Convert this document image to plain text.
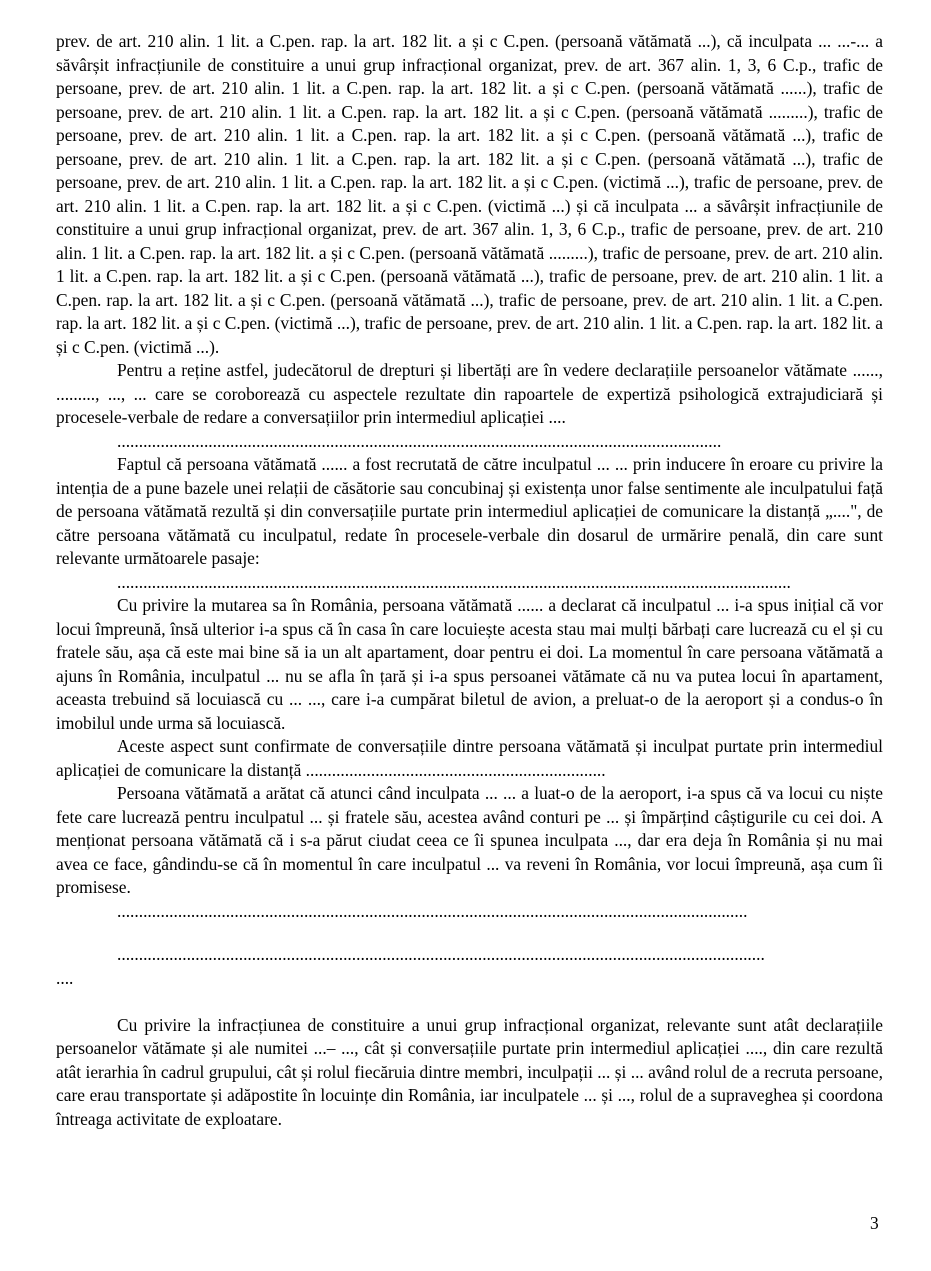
prev. de art. 210 alin. 1 lit. a C.pen. rap. la art. 182 lit. a și c C.pen. (persoană vătămată ...), că inculpata ... ...-... a săvârșit infracțiunile de constituire a unui grup infracțional organizat, prev. de art. 367 alin. 1, 3, 6 C.p., trafic de persoane, prev. de art. 210 alin. 1 lit. a C.pen. rap. la art. 182 lit. a și c C.pen. (persoană vătămată ......), trafic de persoane, prev. de art. 210 alin. 1 lit. a C.pen. rap. la art. 182 lit. a și c C.pen. (persoană vătămată .........), trafic de persoane, prev. de art. 210 alin. 1 lit. a C.pen. rap. la art. 182 lit. a și c C.pen. (persoană vătămată ...), trafic de persoane, prev. de art. 210 alin. 1 lit. a C.pen. rap. la art. 182 lit. a și c C.pen. (persoană vătămată ...), trafic de persoane, prev. de art. 210 alin. 1 lit. a C.pen. rap. la art. 182 lit. a și c C.pen. (victimă ...), trafic de persoane, prev. de art. 210 alin. 1 lit. a C.pen. rap. la art. 182 lit. a și c C.pen. (victimă ...) și că inculpata ... a săvârșit infracțiunile de constituire a unui grup infracțional organizat, prev. de art. 367 alin. 1, 3, 6 C.p., trafic de persoane, prev. de art. 210 alin. 1 lit. a C.pen. rap. la art. 182 lit. a și c C.pen. (persoană vătămată .........), trafic de persoane, prev. de art. 210 alin. 1 lit. a C.pen. rap. la art. 182 lit. a și c C.pen. (persoană vătămată ...), trafic de persoane, prev. de art. 210 alin. 1 lit. a C.pen. rap. la art. 182 lit. a și c C.pen. (persoană vătămată ...), trafic de persoane, prev. de art. 210 alin. 1 lit. a C.pen. rap. la art. 182 lit. a și c C.pen. (victimă ...), trafic de persoane, prev. de art. 210 alin. 1 lit. a C.pen. rap. la art. 182 lit. a și c C.pen. (victimă ...).

Pentru a reține astfel, judecătorul de drepturi și libertăți are în vedere declarațiile persoanelor vătămate ......, ........., ..., ... care se coroborează cu aspectele rezultate din rapoartele de expertiză psihologică extrajudiciară și procesele-verbale de redare a conversațiilor prin intermediul aplicației ....

...........................................................................................................................................

Faptul că persoana vătămată ...... a fost recrutată de către inculpatul ... ... prin inducere în eroare cu privire la intenția de a pune bazele unei relații de căsătorie sau concubinaj și existența unor false sentimente ale inculpatului față de persoana vătămată rezultă și din conversațiile purtate prin intermediul aplicației de comunicare la distanță „....", de către persoana vătămată cu inculpatul, redate în procesele-verbale din dosarul de urmărire penală, din care sunt relevante următoarele pasaje:

...........................................................................................................................................................

Cu privire la mutarea sa în România, persoana vătămată ...... a declarat că inculpatul ... i-a spus inițial că vor locui împreună, însă ulterior i-a spus că în casa în care locuiește acesta stau mai mulți bărbați care lucrează cu el și cu fratele său, așa că este mai bine să ia un alt apartament, doar pentru ei doi. La momentul în care persoana vătămată a ajuns în România, inculpatul ... nu se afla în țară și i-a spus persoanei vătămate că nu va putea locui în apartament, aceasta trebuind să locuiască cu ... ..., care i-a cumpărat biletul de avion, a preluat-o de la aeroport și a condus-o în imobilul unde urma să locuiască.

Aceste aspect sunt confirmate de conversațiile dintre persoana vătămată și inculpat purtate prin intermediul aplicației de comunicare la distanță .....................................................................

Persoana vătămată a arătat că atunci când inculpata ... ... a luat-o de la aeroport, i-a spus că va locui cu niște fete care lucrează pentru inculpatul ... și fratele său, acestea având conturi pe ... și împărțind câștigurile cu cei doi. A menționat persoana vătămată că i s-a părut ciudat ceea ce îi spunea inculpata ..., dar era deja în România și nu mai avea ce face, gândindu-se că în momentul în care inculpatul ... va reveni în România, vor locui împreună, așa cum îi promisese.

.................................................................................................................................................

.....................................................................................................................................................

....

Cu privire la infracțiunea de constituire a unui grup infracțional organizat, relevante sunt atât declarațiile persoanelor vătămate și ale numitei ...– ..., cât și conversațiile purtate prin intermediul aplicației ...., din care rezultă atât ierarhia în cadrul grupului, cât și rolul fiecăruia dintre membri, inculpații ... și ... având rolul de a recruta persoane, care erau transportate și adăpostite în locuințe din România, iar inculpatele ... și ..., rolul de a supraveghea și coordona întreaga activitate de exploatare.

3
